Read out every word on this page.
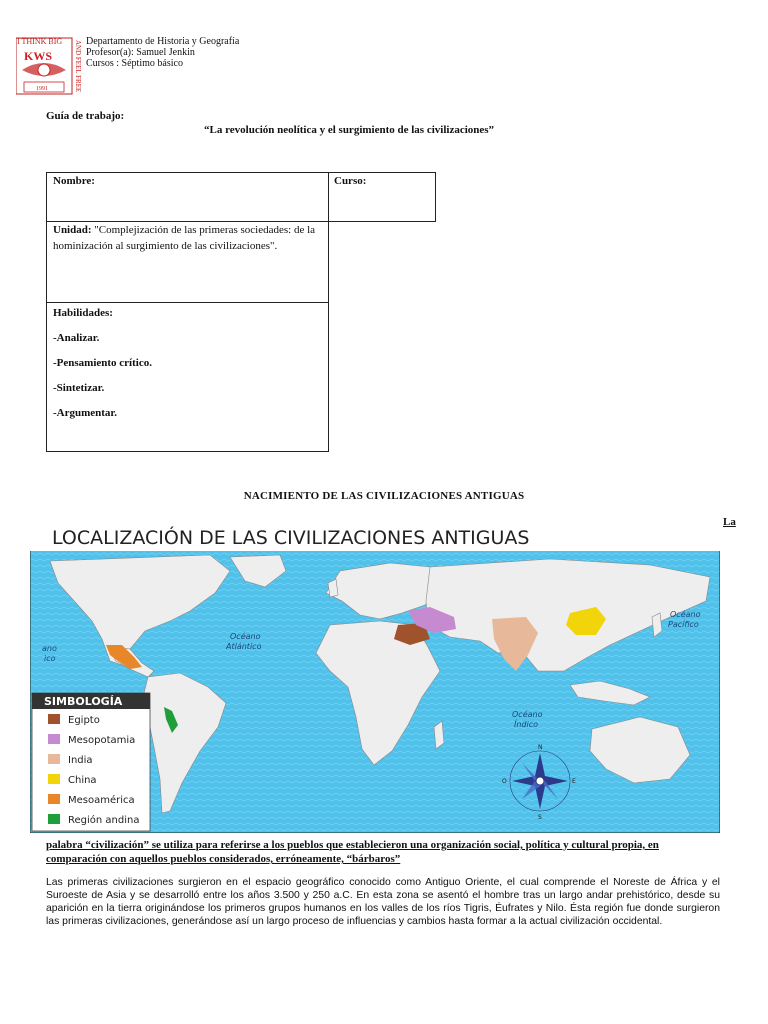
I THINK BIG
KWS
1991	AND FEEL FREE Departamento de Historia y Geografía
Profesor(a): Samuel Jenkin
Cursos : Séptimo básico
Guía de trabajo:
“La revolución neolítica y el surgimiento de las civilizaciones”
Nombre:	Curso:
Unidad: "Complejización de las primeras sociedades: de la hominización al surgimiento de las civilizaciones".
Habilidades:
-Analizar.
-Pensamiento crítico.
-Sintetizar.
-Argumentar.
NACIMIENTO DE LAS CIVILIZACIONES ANTIGUAS
La
LOCALIZACIÓN DE LAS CIVILIZACIONES ANTIGUAS
Océano
Atlántico
Océano
Pacífico
Océano
Índico
ano
ico
SIMBOLOGÍA
Egipto
Mesopotamia
India
China
Mesoamérica
Región andina
N
S
E
O
palabra “civilización” se utiliza para referirse a los pueblos que establecieron una organización social, política y cultural propia, en comparación con aquellos pueblos considerados, erróneamente, “bárbaros”
Las primeras civilizaciones surgieron en el espacio geográfico conocido como Antiguo Oriente, el cual comprende el Noreste de África y el Suroeste de Asia y se desarrolló entre los años 3.500 y 250 a.C. En esta zona se asentó el hombre tras un largo andar prehistórico, desde su aparición en la tierra originándose los primeros grupos humanos en los valles de los ríos Tigris, Éufrates y Nilo. Ésta región fue donde surgieron las primeras civilizaciones, generándose así un largo proceso de influencias y cambios hasta formar a la actual civilización occidental.
